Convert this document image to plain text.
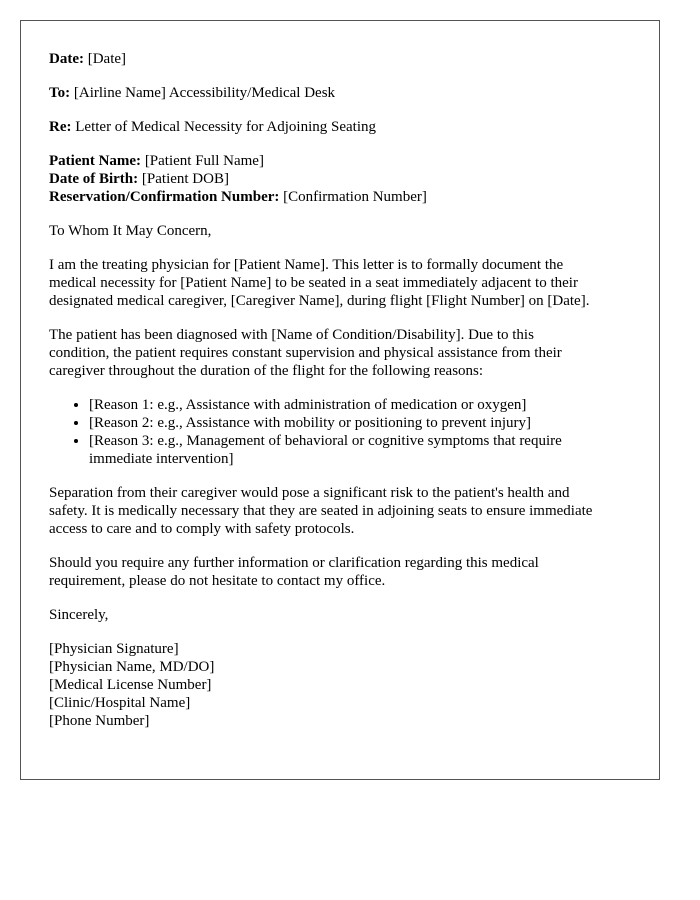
Date: [Date]
To: [Airline Name] Accessibility/Medical Desk
Re: Letter of Medical Necessity for Adjoining Seating
Patient Name: [Patient Full Name]
Date of Birth: [Patient DOB]
Reservation/Confirmation Number: [Confirmation Number]
To Whom It May Concern,
I am the treating physician for [Patient Name]. This letter is to formally document the
medical necessity for [Patient Name] to be seated in a seat immediately adjacent to their
designated medical caregiver, [Caregiver Name], during flight [Flight Number] on [Date].
The patient has been diagnosed with [Name of Condition/Disability]. Due to this
condition, the patient requires constant supervision and physical assistance from their
caregiver throughout the duration of the flight for the following reasons:
• [Reason 1: e.g., Assistance with administration of medication or oxygen]
• [Reason 2: e.g., Assistance with mobility or positioning to prevent injury]
• [Reason 3: e.g., Management of behavioral or cognitive symptoms that require
immediate intervention]
Separation from their caregiver would pose a significant risk to the patient's health and
safety. It is medically necessary that they are seated in adjoining seats to ensure immediate
access to care and to comply with safety protocols.
Should you require any further information or clarification regarding this medical
requirement, please do not hesitate to contact my office.
Sincerely,
[Physician Signature]
[Physician Name, MD/DO]
[Medical License Number]
[Clinic/Hospital Name]
[Phone Number]
